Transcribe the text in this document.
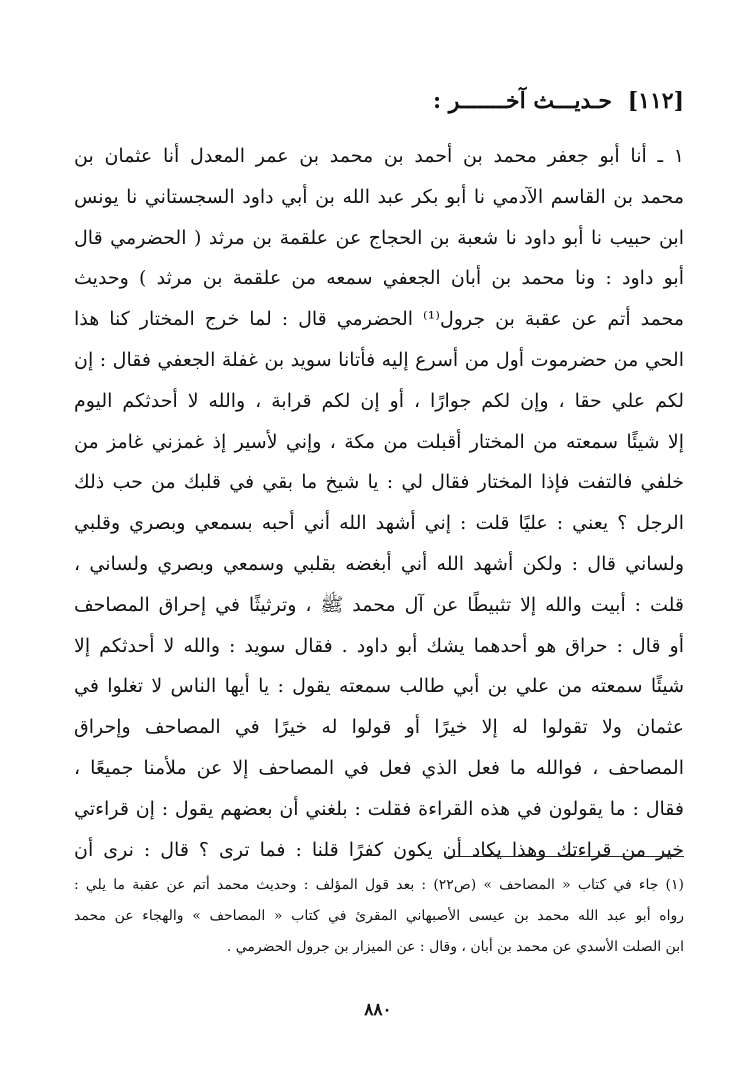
[١١٢] حـديـــث آخـــــــر :
١ ـ أنا أبو جعفر محمد بن أحمد بن محمد بن عمر المعدل أنا عثمان بن
محمد بن القاسم الآدمي نا أبو بكر عبد الله بن أبي داود السجستاني نا يونس
ابن حبيب نا أبو داود نا شعبة بن الحجاج عن علقمة بن مرثد ( الحضرمي قال
أبو داود : ونا محمد بن أبان الجعفي سمعه من علقمة بن مرثد ) وحديث
محمد أتم عن عقبة بن جرول⁽¹⁾ الحضرمي قال : لما خرج المختار كنا هذا
الحي من حضرموت أول من أسرع إليه فأتانا سويد بن غفلة الجعفي فقال : إن
لكم علي حقا ، وإن لكم جوارًا ، أو إن لكم قرابة ، والله لا أحدثكم اليوم
إلا شيئًا سمعته من المختار أقبلت من مكة ، وإني لأسير إذ غمزني غامز من
خلفي فالتفت فإذا المختار فقال لي : يا شيخ ما بقي في قلبك من حب ذلك
الرجل ؟ يعني : عليًا قلت : إني أشهد الله أني أحبه بسمعي وبصري وقلبي
ولساني قال : ولكن أشهد الله أني أبغضه بقلبي وسمعي وبصري ولساني ،
قلت : أبيت والله إلا تثبيطًا عن آل محمد ﷺ ، وترثيثًا في إحراق المصاحف
أو قال : حراق هو أحدهما يشك أبو داود . فقال سويد : والله لا أحدثكم إلا
شيئًا سمعته من علي بن أبي طالب سمعته يقول : يا أيها الناس لا تغلوا في
عثمان ولا تقولوا له إلا خيرًا أو قولوا له خيرًا في المصاحف وإحراق
المصاحف ، فوالله ما فعل الذي فعل في المصاحف إلا عن ملأمنا جميعًا ،
فقال : ما يقولون في هذه القراءة فقلت : بلغني أن بعضهم يقول : إن قراءتي
خير من قراءتك وهذا يكاد أن يكون كفرًا قلنا : فما ترى ؟ قال : نرى أن
(١) جاء في كتاب « المصاحف » (ص٢٢) : بعد قول المؤلف : وحديث محمد أتم عن عقبة ما يلي :
رواه أبو عبد الله محمد بن عيسى الأصبهاني المقرئ في كتاب « المصاحف » والهجاء عن محمد
ابن الصلت الأسدي عن محمد بن أبان ، وقال : عن الميزار بن جرول الحضرمي .
٨٨٠
